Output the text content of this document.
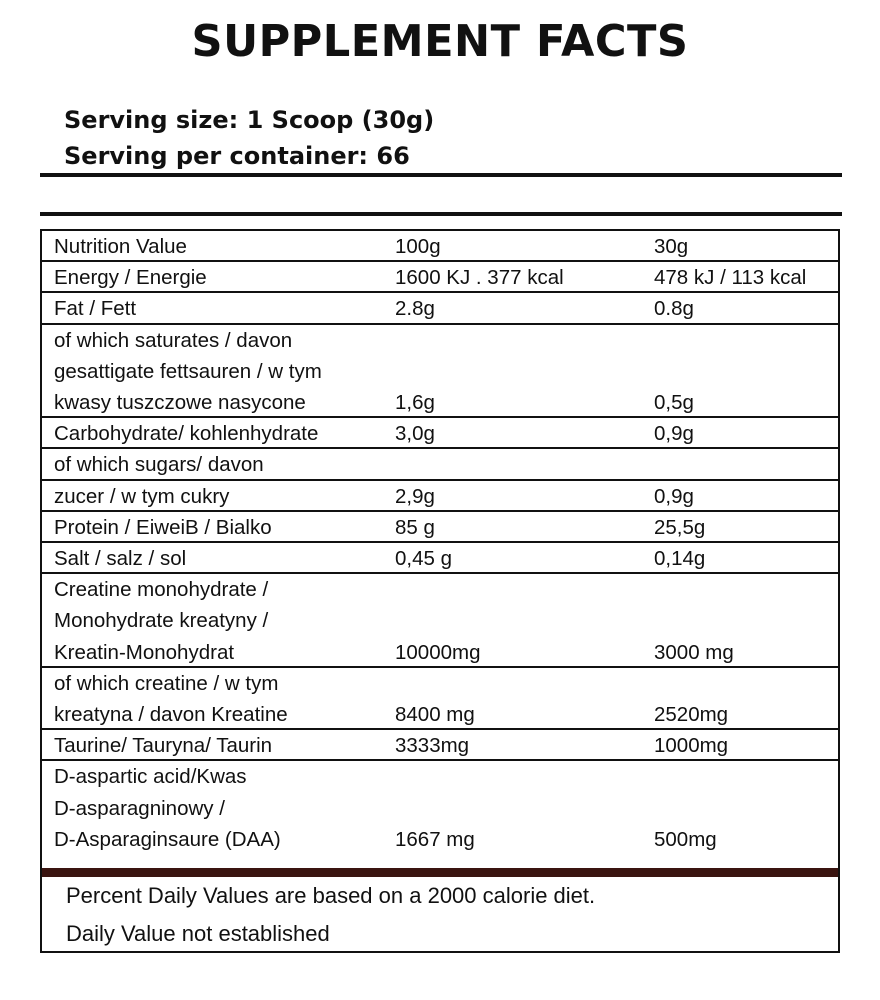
SUPPLEMENT FACTS
Serving size: 1 Scoop (30g)
Serving per container: 66
Nutrition Value	100g	30g
Energy / Energie	1600 KJ . 377 kcal	478 kJ / 113 kcal
Fat / Fett	2.8g	0.8g
of which saturates / davon
gesattigate fettsauren / w tym
kwasy tuszczowe nasycone	1,6g	0,5g
Carbohydrate/ kohlenhydrate	3,0g	0,9g
of which sugars/ davon
zucer / w tym cukry	2,9g	0,9g
Protein / EiweiB / Bialko	85 g	25,5g
Salt / salz / sol	0,45 g	0,14g
Creatine monohydrate /
Monohydrate kreatyny /
Kreatin-Monohydrat	10000mg	3000 mg
of which creatine / w tym
kreatyna / davon Kreatine	8400 mg	2520mg
Taurine/ Tauryna/ Taurin	3333mg	1000mg
D-aspartic acid/Kwas
D-asparagninowy /
D-Asparaginsaure (DAA)	1667 mg	500mg
Percent Daily Values are based on a 2000 calorie diet.
Daily Value not established
